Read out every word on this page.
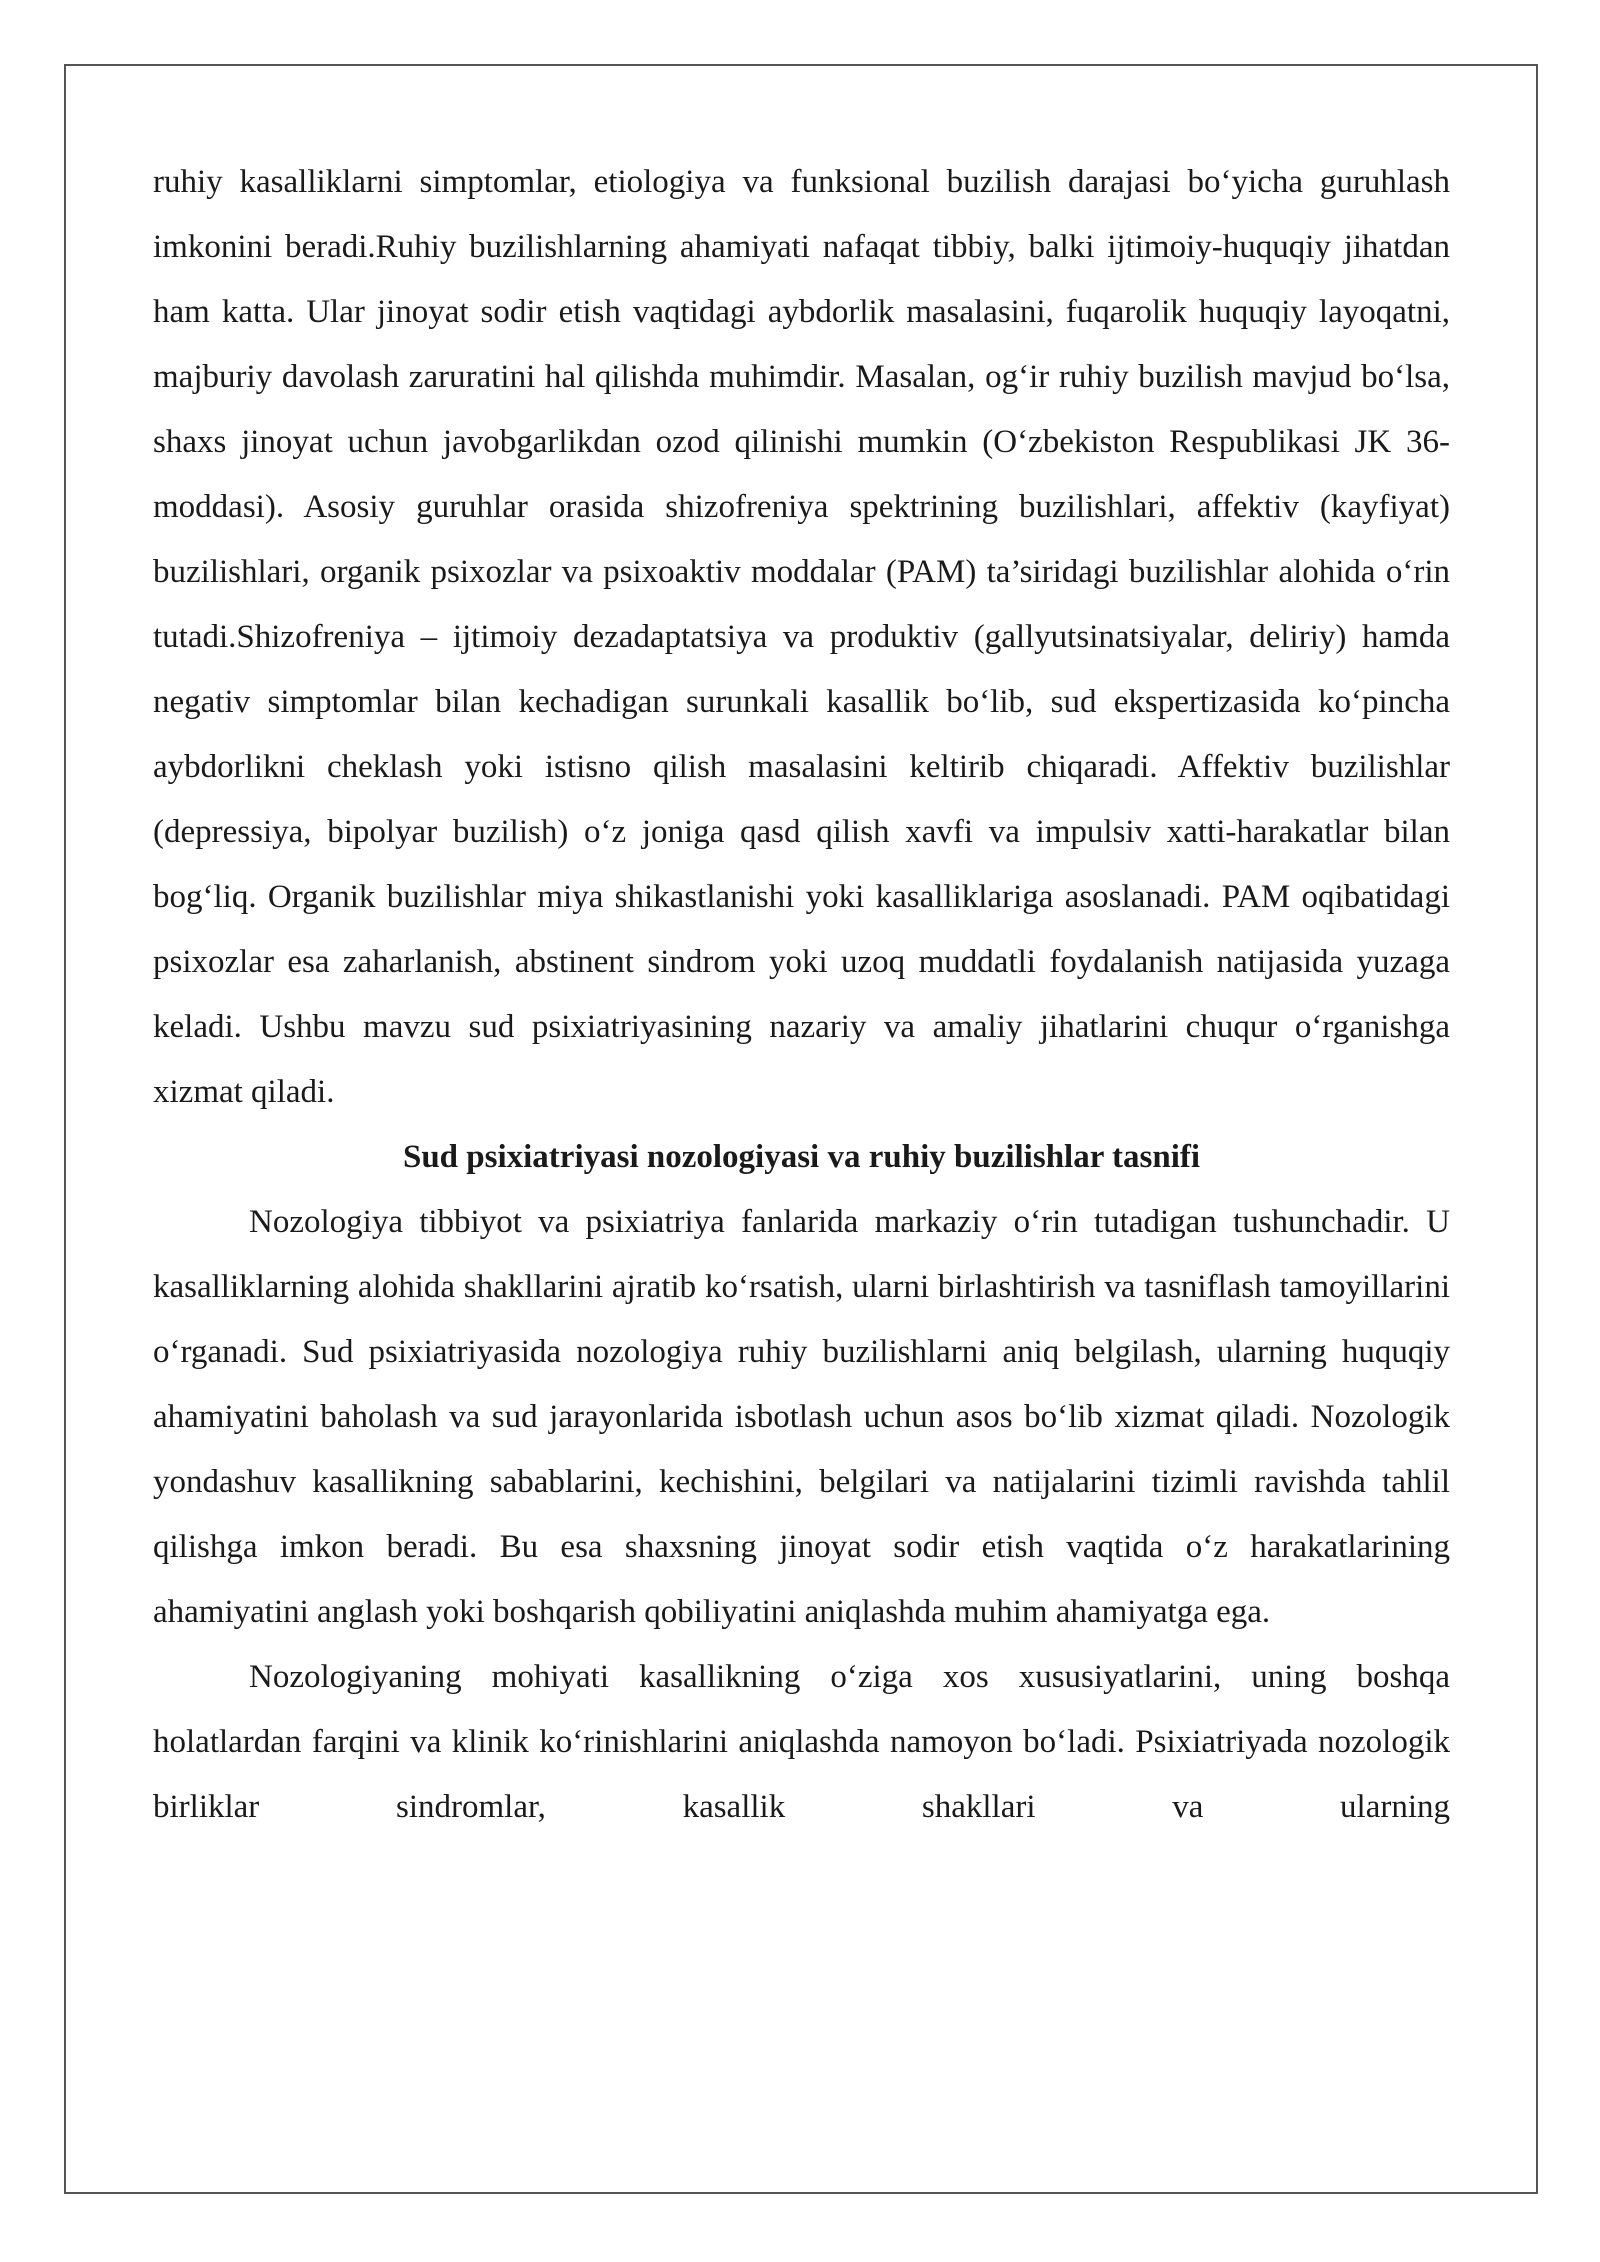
ruhiy kasalliklarni simptomlar, etiologiya va funksional buzilish darajasi bo‘yicha guruhlash imkonini beradi.Ruhiy buzilishlarning ahamiyati nafaqat tibbiy, balki ijtimoiy-huquqiy jihatdan ham katta. Ular jinoyat sodir etish vaqtidagi aybdorlik masalasini, fuqarolik huquqiy layoqatni, majburiy davolash zaruratini hal qilishda muhimdir. Masalan, og‘ir ruhiy buzilish mavjud bo‘lsa, shaxs jinoyat uchun javobgarlikdan ozod qilinishi mumkin (O‘zbekiston Respublikasi JK 36-moddasi). Asosiy guruhlar orasida shizofreniya spektrining buzilishlari, affektiv (kayfiyat) buzilishlari, organik psixozlar va psixoaktiv moddalar (PAM) ta’siridagi buzilishlar alohida o‘rin tutadi.Shizofreniya – ijtimoiy dezadaptatsiya va produktiv (gallyutsinatsiyalar, deliriy) hamda negativ simptomlar bilan kechadigan surunkali kasallik bo‘lib, sud ekspertizasida ko‘pincha aybdorlikni cheklash yoki istisno qilish masalasini keltirib chiqaradi. Affektiv buzilishlar (depressiya, bipolyar buzilish) o‘z joniga qasd qilish xavfi va impulsiv xatti-harakatlar bilan bog‘liq. Organik buzilishlar miya shikastlanishi yoki kasalliklariga asoslanadi. PAM oqibatidagi psixozlar esa zaharlanish, abstinent sindrom yoki uzoq muddatli foydalanish natijasida yuzaga keladi. Ushbu mavzu sud psixiatriyasining nazariy va amaliy jihatlarini chuqur o‘rganishga xizmat qiladi.

Sud psixiatriyasi nozologiyasi va ruhiy buzilishlar tasnifi

Nozologiya tibbiyot va psixiatriya fanlarida markaziy o‘rin tutadigan tushunchadir. U kasalliklarning alohida shakllarini ajratib ko‘rsatish, ularni birlashtirish va tasniflash tamoyillarini o‘rganadi. Sud psixiatriyasida nozologiya ruhiy buzilishlarni aniq belgilash, ularning huquqiy ahamiyatini baholash va sud jarayonlarida isbotlash uchun asos bo‘lib xizmat qiladi. Nozologik yondashuv kasallikning sabablarini, kechishini, belgilari va natijalarini tizimli ravishda tahlil qilishga imkon beradi. Bu esa shaxsning jinoyat sodir etish vaqtida o‘z harakatlarining ahamiyatini anglash yoki boshqarish qobiliyatini aniqlashda muhim ahamiyatga ega.

Nozologiyaning mohiyati kasallikning o‘ziga xos xususiyatlarini, uning boshqa holatlardan farqini va klinik ko‘rinishlarini aniqlashda namoyon bo‘ladi. Psixiatriyada nozologik birliklar sindromlar, kasallik shakllari va ularning
